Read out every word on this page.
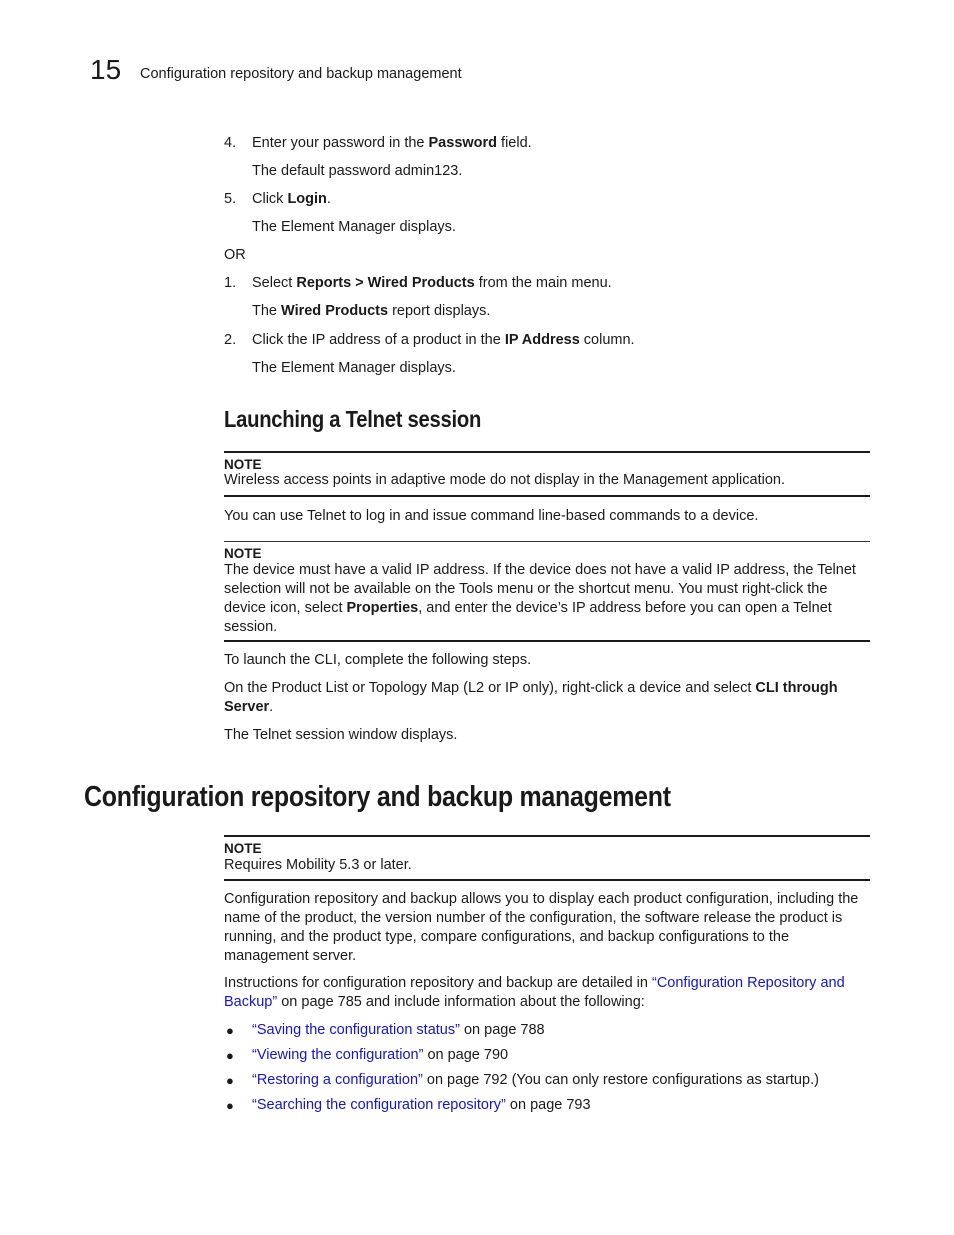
15 Configuration repository and backup management
4. Enter your password in the Password field.

The default password admin123.

5. Click Login.

The Element Manager displays.

OR

1. Select Reports > Wired Products from the main menu.

The Wired Products report displays.

2. Click the IP address of a product in the IP Address column.

The Element Manager displays.

Launching a Telnet session

NOTE

Wireless access points in adaptive mode do not display in the Management application.

You can use Telnet to log in and issue command line-based commands to a device.

NOTE

The device must have a valid IP address. If the device does not have a valid IP address, the Telnet selection will not be available on the Tools menu or the shortcut menu. You must right-click the device icon, select Properties, and enter the device’s IP address before you can open a Telnet session.

To launch the CLI, complete the following steps.

On the Product List or Topology Map (L2 or IP only), right-click a device and select CLI through Server.

The Telnet session window displays.

Configuration repository and backup management

NOTE

Requires Mobility 5.3 or later.

Configuration repository and backup allows you to display each product configuration, including the name of the product, the version number of the configuration, the software release the product is running, and the product type, compare configurations, and backup configurations to the management server.

Instructions for configuration repository and backup are detailed in “Configuration Repository and Backup” on page 785 and include information about the following:

● “Saving the configuration status” on page 788

● “Viewing the configuration” on page 790

● “Restoring a configuration” on page 792 (You can only restore configurations as startup.)

● “Searching the configuration repository” on page 793
